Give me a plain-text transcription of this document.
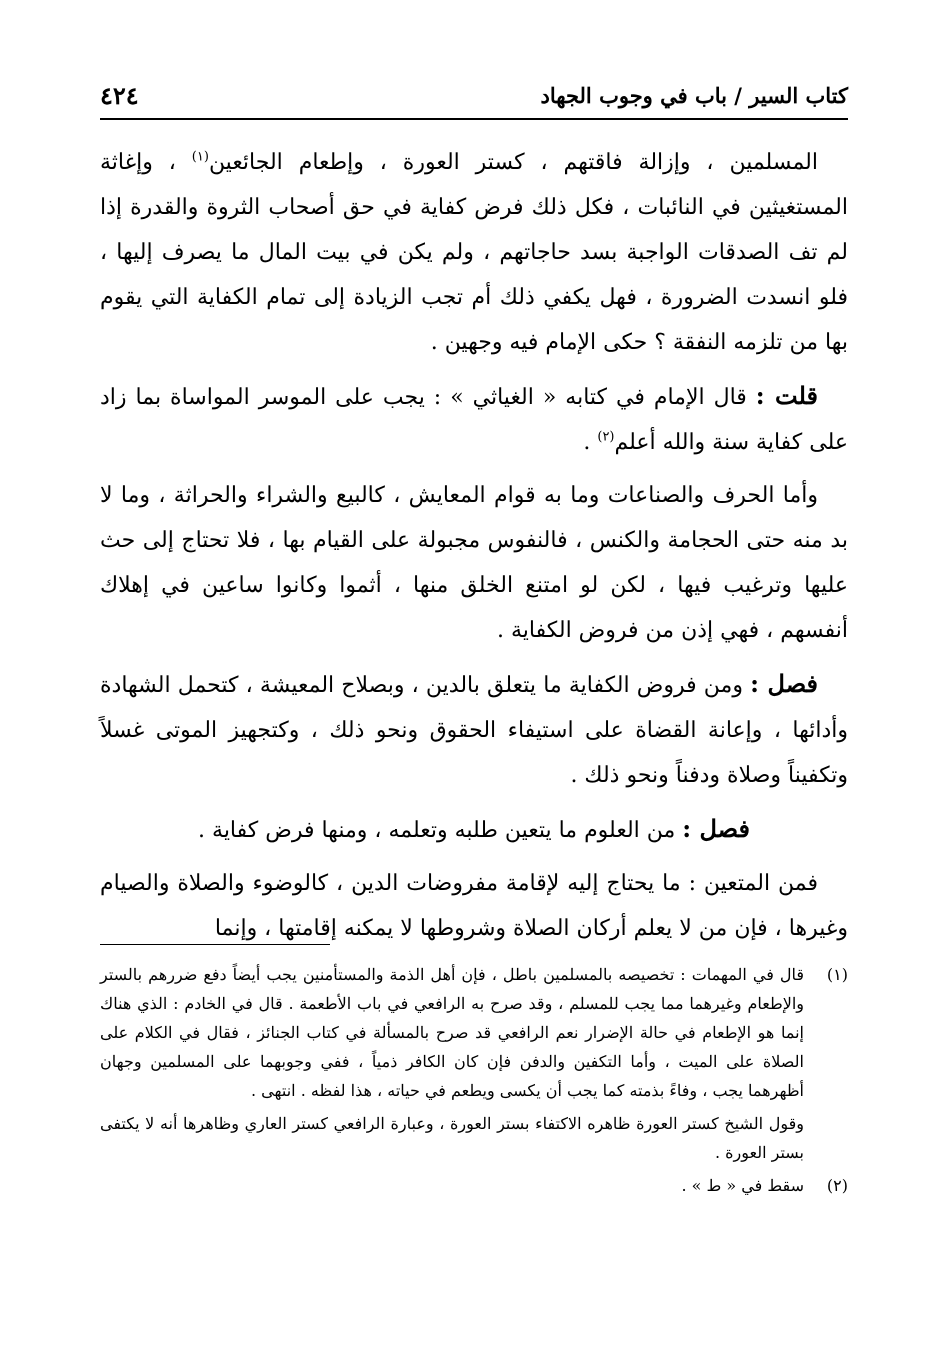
كتاب السير / باب في وجوب الجهاد
٤٢٤

المسلمين ، وإزالة فاقتهم ، كستر العورة ، وإطعام الجائعين$^{(١)}$ ، وإغاثة المستغيثين في النائبات ، فكل ذلك فرض كفاية في حق أصحاب الثروة والقدرة إذا لم تف الصدقات الواجبة بسد حاجاتهم ، ولم يكن في بيت المال ما يصرف إليها ، فلو انسدت الضرورة ، فهل يكفي ذلك أم تجب الزيادة إلى تمام الكفاية التي يقوم بها من تلزمه النفقة ؟ حكى الإمام فيه وجهين .

قلت : قال الإمام في كتابه « الغياثي » : يجب على الموسر المواساة بما زاد على كفاية سنة والله أعلم$^{(٢)}$ .

وأما الحرف والصناعات وما به قوام المعايش ، كالبيع والشراء والحراثة ، وما لا بد منه حتى الحجامة والكنس ، فالنفوس مجبولة على القيام بها ، فلا تحتاج إلى حث عليها وترغيب فيها ، لكن لو امتنع الخلق منها ، أثموا وكانوا ساعين في إهلاك أنفسهم ، فهي إذن من فروض الكفاية .

فصل : ومن فروض الكفاية ما يتعلق بالدين ، وبصلاح المعيشة ، كتحمل الشهادة وأدائها ، وإعانة القضاة على استيفاء الحقوق ونحو ذلك ، وكتجهيز الموتى غسلاً وتكفيناً وصلاة ودفناً ونحو ذلك .

فصل : من العلوم ما يتعين طلبه وتعلمه ، ومنها فرض كفاية .

فمن المتعين : ما يحتاج إليه لإقامة مفروضات الدين ، كالوضوء والصلاة والصيام وغيرها ، فإن من لا يعلم أركان الصلاة وشروطها لا يمكنه إقامتها ، وإنما

(١)
قال في المهمات : تخصيصه بالمسلمين باطل ، فإن أهل الذمة والمستأمنين يجب أيضاً دفع ضررهم بالستر والإطعام وغيرهما مما يجب للمسلم ، وقد صرح به الرافعي في باب الأطعمة . قال في الخادم : الذي هناك إنما هو الإطعام في حالة الإضرار نعم الرافعي قد صرح بالمسألة في كتاب الجنائز ، فقال في الكلام على الصلاة على الميت ، وأما التكفين والدفن فإن كان الكافر ذمياً ، ففي وجوبهما على المسلمين وجهان أظهرهما يجب ، وفاءً بذمته كما يجب أن يكسى ويطعم في حياته ، هذا لفظه . انتهى .
وقول الشيخ كستر العورة ظاهره الاكتفاء بستر العورة ، وعبارة الرافعي كستر العاري وظاهرها أنه لا يكتفى بستر العورة .
(٢)
سقط في « ط » .
